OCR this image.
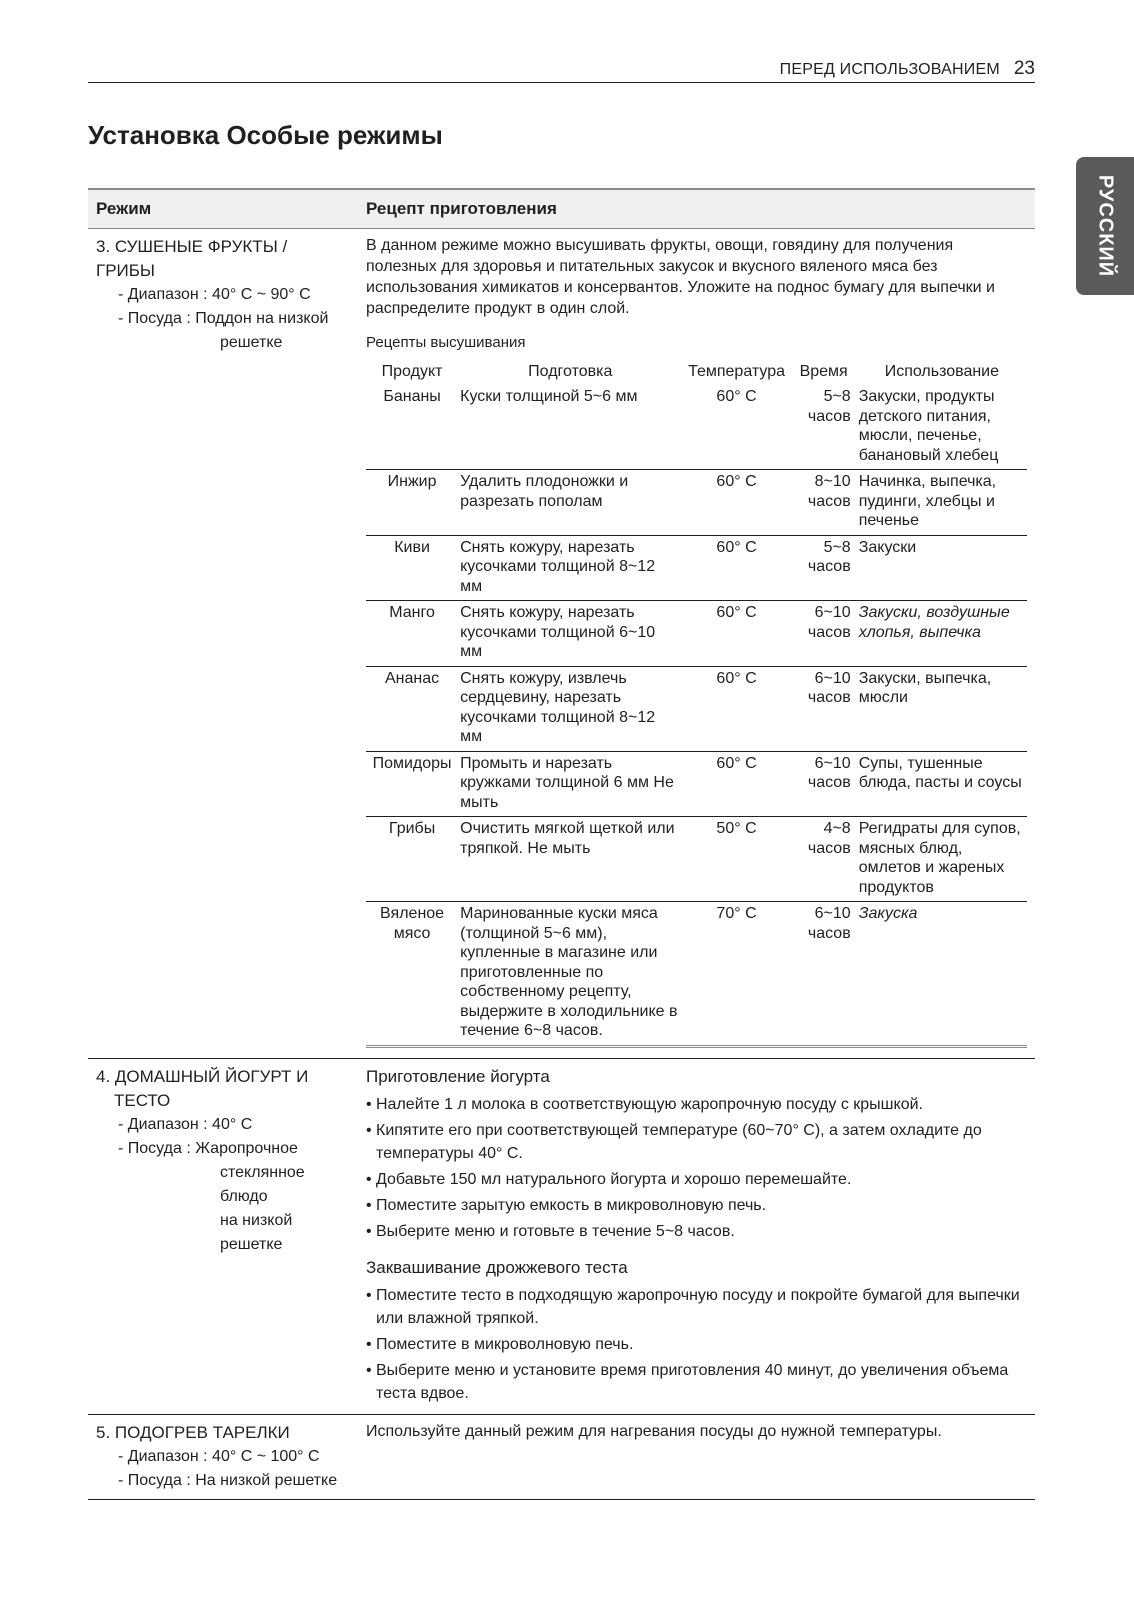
ПЕРЕД ИСПОЛЬЗОВАНИЕМ 23
РУССКИЙ
Установка Особые режимы
Режим	Рецепт приготовления

3. СУШЕНЫЕ ФРУКТЫ / ГРИБЫ
- Диапазон : 40° C ~ 90° C
- Посуда : Поддон на низкой
решетке

В данном режиме можно высушивать фрукты, овощи, говядину для получения полезных для здоровья и питательных закусок и вкусного вяленого мяса без использования химикатов и консервантов. Уложите на поднос бумагу для выпечки и распределите продукт в один слой.

Рецепты высушивания
Продукт	Подготовка	Температура	Время	Использование
Бананы	Куски толщиной 5~6 мм	60° C	5~8 часов	Закуски, продукты детского питания, мюсли, печенье, банановый хлебец
Инжир	Удалить плодоножки и разрезать пополам	60° C	8~10 часов	Начинка, выпечка, пудинги, хлебцы и печенье
Киви	Снять кожуру, нарезать кусочками толщиной 8~12 мм	60° C	5~8 часов	Закуски
Манго	Снять кожуру, нарезать кусочками толщиной 6~10 мм	60° C	6~10 часов	Закуски, воздушные хлопья, выпечка
Ананас	Снять кожуру, извлечь сердцевину, нарезать кусочками толщиной 8~12 мм	60° C	6~10 часов	Закуски, выпечка, мюсли
Помидоры	Промыть и нарезать кружками толщиной 6 мм Не мыть	60° C	6~10 часов	Супы, тушенные блюда, пасты и соусы
Грибы	Очистить мягкой щеткой или тряпкой. Не мыть	50° C	4~8 часов	Регидраты для супов, мясных блюд, омлетов и жареных продуктов
Вяленое мясо	Маринованные куски мяса (толщиной 5~6 мм), купленные в магазине или приготовленные по собственному рецепту, выдержите в холодильнике в течение 6~8 часов.	70° C	6~10 часов	Закуска

4. ДОМАШНЫЙ ЙОГУРТ И
ТЕСТО
- Диапазон : 40° C
- Посуда : Жаропрочное
стеклянное блюдо
на низкой решетке

Приготовление йогурта
• Налейте 1 л молока в соответствующую жаропрочную посуду с крышкой.
• Кипятите его при соответствующей температуре (60~70° C), а затем охладите до температуры 40° C.
• Добавьте 150 мл натурального йогурта и хорошо перемешайте.
• Поместите зарытую емкость в микроволновую печь.
• Выберите меню и готовьте в течение 5~8 часов.
Заквашивание дрожжевого теста
• Поместите тесто в подходящую жаропрочную посуду и покройте бумагой для выпечки или влажной тряпкой.
• Поместите в микроволновую печь.
• Выберите меню и установите время приготовления 40 минут, до увеличения объема теста вдвое.

5. ПОДОГРЕВ ТАРЕЛКИ
- Диапазон : 40° C ~ 100° C
- Посуда : На низкой решетке

Используйте данный режим для нагревания посуды до нужной температуры.
